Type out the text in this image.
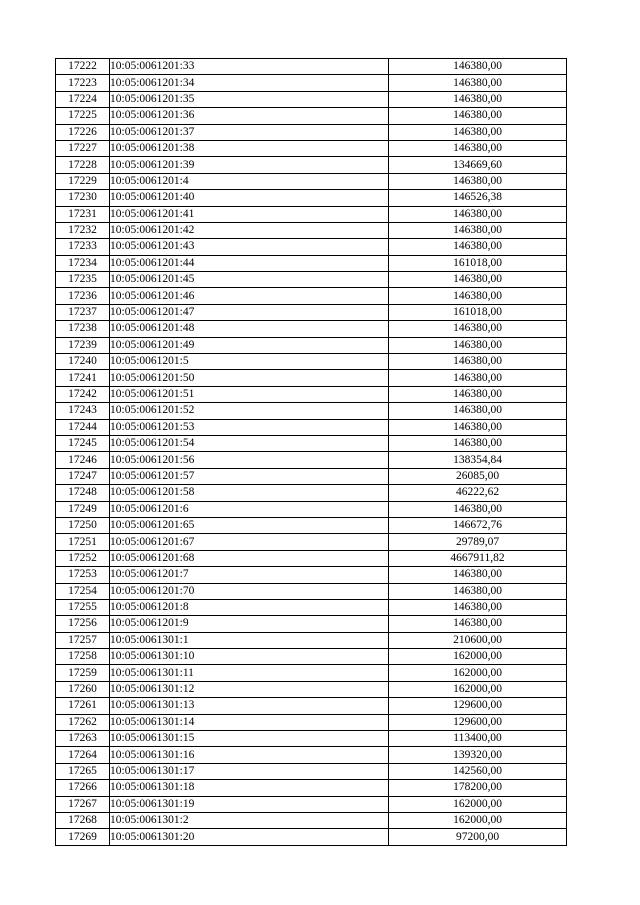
17222	10:05:0061201:33	146380,00
17223	10:05:0061201:34	146380,00
17224	10:05:0061201:35	146380,00
17225	10:05:0061201:36	146380,00
17226	10:05:0061201:37	146380,00
17227	10:05:0061201:38	146380,00
17228	10:05:0061201:39	134669,60
17229	10:05:0061201:4	146380,00
17230	10:05:0061201:40	146526,38
17231	10:05:0061201:41	146380,00
17232	10:05:0061201:42	146380,00
17233	10:05:0061201:43	146380,00
17234	10:05:0061201:44	161018,00
17235	10:05:0061201:45	146380,00
17236	10:05:0061201:46	146380,00
17237	10:05:0061201:47	161018,00
17238	10:05:0061201:48	146380,00
17239	10:05:0061201:49	146380,00
17240	10:05:0061201:5	146380,00
17241	10:05:0061201:50	146380,00
17242	10:05:0061201:51	146380,00
17243	10:05:0061201:52	146380,00
17244	10:05:0061201:53	146380,00
17245	10:05:0061201:54	146380,00
17246	10:05:0061201:56	138354,84
17247	10:05:0061201:57	26085,00
17248	10:05:0061201:58	46222,62
17249	10:05:0061201:6	146380,00
17250	10:05:0061201:65	146672,76
17251	10:05:0061201:67	29789,07
17252	10:05:0061201:68	4667911,82
17253	10:05:0061201:7	146380,00
17254	10:05:0061201:70	146380,00
17255	10:05:0061201:8	146380,00
17256	10:05:0061201:9	146380,00
17257	10:05:0061301:1	210600,00
17258	10:05:0061301:10	162000,00
17259	10:05:0061301:11	162000,00
17260	10:05:0061301:12	162000,00
17261	10:05:0061301:13	129600,00
17262	10:05:0061301:14	129600,00
17263	10:05:0061301:15	113400,00
17264	10:05:0061301:16	139320,00
17265	10:05:0061301:17	142560,00
17266	10:05:0061301:18	178200,00
17267	10:05:0061301:19	162000,00
17268	10:05:0061301:2	162000,00
17269	10:05:0061301:20	97200,00
